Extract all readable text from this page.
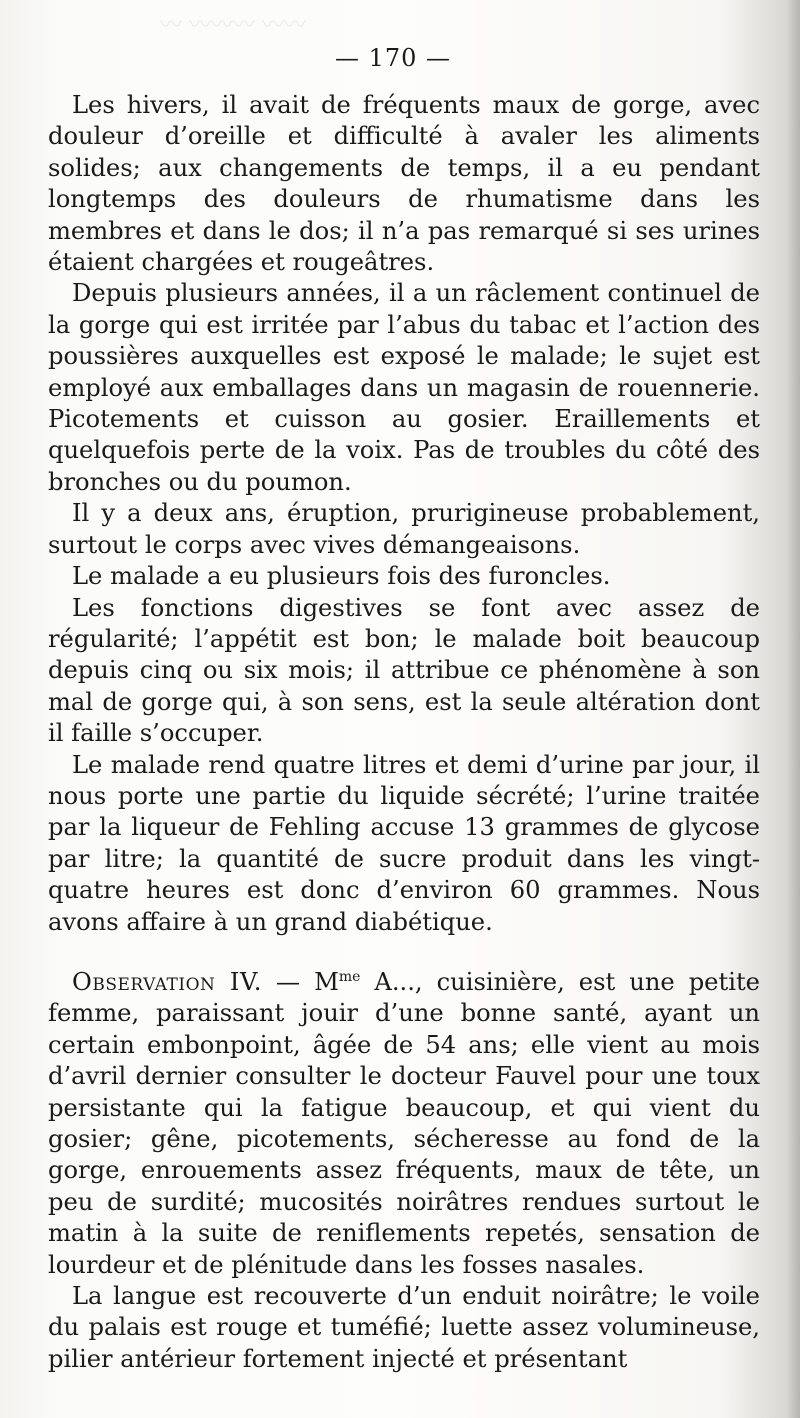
〰 〰〰〰 〰〰
— 170 —

Les hivers, il avait de fréquents maux de gorge, avec douleur d’oreille et difficulté à avaler les aliments solides; aux changements de temps, il a eu pendant longtemps des douleurs de rhumatisme dans les membres et dans le dos; il n’a pas remarqué si ses urines étaient chargées et rougeâtres.

Depuis plusieurs années, il a un râclement continuel de la gorge qui est irritée par l’abus du tabac et l’action des poussières auxquelles est exposé le malade; le sujet est employé aux emballages dans un magasin de rouennerie. Picotements et cuisson au gosier. Eraillements et quelquefois perte de la voix. Pas de troubles du côté des bronches ou du poumon.

Il y a deux ans, éruption, prurigineuse probablement, surtout le corps avec vives démangeaisons.

Le malade a eu plusieurs fois des furoncles.

Les fonctions digestives se font avec assez de régularité; l’appétit est bon; le malade boit beaucoup depuis cinq ou six mois; il attribue ce phénomène à son mal de gorge qui, à son sens, est la seule altération dont il faille s’occuper.

Le malade rend quatre litres et demi d’urine par jour, il nous porte une partie du liquide sécrété; l’urine traitée par la liqueur de Fehling accuse 13 grammes de glycose par litre; la quantité de sucre produit dans les vingt-quatre heures est donc d’environ 60 grammes. Nous avons affaire à un grand diabétique.

Observation IV. — $M^{me}$ A..., cuisinière, est une petite femme, paraissant jouir d’une bonne santé, ayant un certain embonpoint, âgée de 54 ans; elle vient au mois d’avril dernier consulter le docteur Fauvel pour une toux persistante qui la fatigue beaucoup, et qui vient du gosier; gêne, picotements, sécheresse au fond de la gorge, enrouements assez fréquents, maux de tête, un peu de surdité; mucosités noirâtres rendues surtout le matin à la suite de reniflements repetés, sensation de lourdeur et de plénitude dans les fosses nasales.

La langue est recouverte d’un enduit noirâtre; le voile du palais est rouge et tuméfié; luette assez volumineuse, pilier antérieur fortement injecté et présentant
